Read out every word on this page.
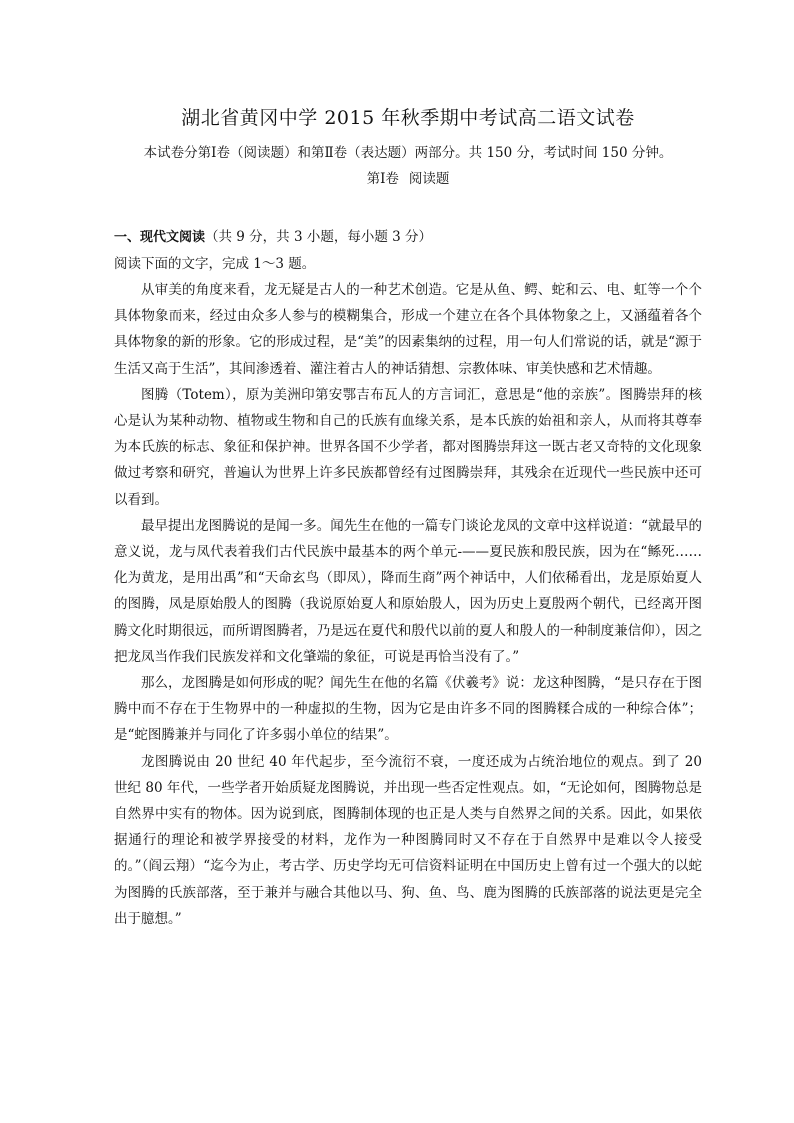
湖北省黄冈中学 2015 年秋季期中考试高二语文试卷

本试卷分第Ⅰ卷（阅读题）和第Ⅱ卷（表达题）两部分。共 150 分，考试时间 150 分钟。

第Ⅰ卷 阅读题

一、现代文阅读（共 9 分，共 3 小题，每小题 3 分）

阅读下面的文字，完成 1～3 题。

从审美的角度来看，龙无疑是古人的一种艺术创造。它是从鱼、鳄、蛇和云、电、虹等一个个具体物象而来，经过由众多人参与的模糊集合，形成一个建立在各个具体物象之上，又涵蕴着各个具体物象的新的形象。它的形成过程，是“美”的因素集纳的过程，用一句人们常说的话，就是“源于生活又高于生活”，其间渗透着、灌注着古人的神话猜想、宗教体味、审美快感和艺术情趣。

图腾（Totem），原为美洲印第安鄂吉布瓦人的方言词汇，意思是“他的亲族”。图腾崇拜的核心是认为某种动物、植物或生物和自己的氏族有血缘关系，是本氏族的始祖和亲人，从而将其尊奉为本氏族的标志、象征和保护神。世界各国不少学者，都对图腾崇拜这一既古老又奇特的文化现象做过考察和研究，普遍认为世界上许多民族都曾经有过图腾崇拜，其残余在近现代一些民族中还可以看到。

最早提出龙图腾说的是闻一多。闻先生在他的一篇专门谈论龙凤的文章中这样说道：“就最早的意义说，龙与凤代表着我们古代民族中最基本的两个单元-——夏民族和殷民族，因为在“鲧死……化为黄龙，是用出禹”和“天命玄鸟（即凤），降而生商”两个神话中，人们依稀看出，龙是原始夏人的图腾，凤是原始殷人的图腾（我说原始夏人和原始殷人，因为历史上夏殷两个朝代，已经离开图腾文化时期很远，而所谓图腾者，乃是远在夏代和殷代以前的夏人和殷人的一种制度兼信仰），因之把龙凤当作我们民族发祥和文化肇端的象征，可说是再恰当没有了。”

那么，龙图腾是如何形成的呢？闻先生在他的名篇《伏羲考》说：龙这种图腾，“是只存在于图腾中而不存在于生物界中的一种虚拟的生物，因为它是由许多不同的图腾糅合成的一种综合体”；是“蛇图腾兼并与同化了许多弱小单位的结果”。

龙图腾说由 20 世纪 40 年代起步，至今流衍不衰，一度还成为占统治地位的观点。到了 20 世纪 80 年代，一些学者开始质疑龙图腾说，并出现一些否定性观点。如，“无论如何，图腾物总是自然界中实有的物体。因为说到底，图腾制体现的也正是人类与自然界之间的关系。因此，如果依据通行的理论和被学界接受的材料，龙作为一种图腾同时又不存在于自然界中是难以令人接受的。”（阎云翔）“迄今为止，考古学、历史学均无可信资料证明在中国历史上曾有过一个强大的以蛇为图腾的氏族部落，至于兼并与融合其他以马、狗、鱼、鸟、鹿为图腾的氏族部落的说法更是完全出于臆想。”
